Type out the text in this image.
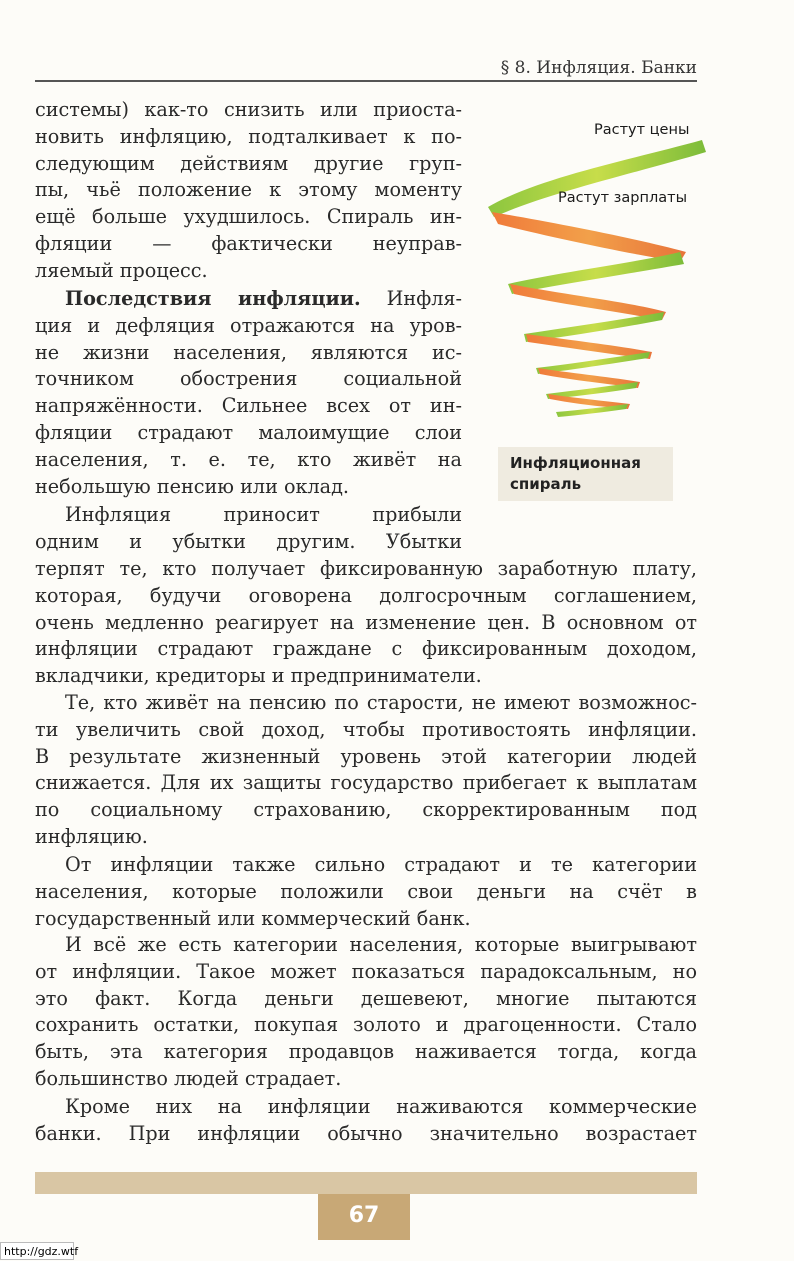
§ 8. Инфляция. Банки
системы) как-то снизить или приоста-
новить инфляцию, подталкивает к по-
следующим действиям другие груп-
пы, чьё положение к этому моменту
ещё больше ухудшилось. Спираль ин-
фляции — фактически неуправ-
ляемый процесс.
Последствия инфляции. Инфля-
ция и дефляция отражаются на уров-
не жизни населения, являются ис-
точником обострения социальной
напряжённости. Сильнее всех от ин-
фляции страдают малоимущие слои
населения, т. е. те, кто живёт на
небольшую пенсию или оклад.
Инфляция приносит прибыли
одним и убытки другим. Убытки
терпят те, кто получает фиксированную заработную плату,
которая, будучи оговорена долгосрочным соглашением,
очень медленно реагирует на изменение цен. В основном от
инфляции страдают граждане с фиксированным доходом,
вкладчики, кредиторы и предприниматели.
Те, кто живёт на пенсию по старости, не имеют возможнос-
ти увеличить свой доход, чтобы противостоять инфляции.
В результате жизненный уровень этой категории людей
снижается. Для их защиты государство прибегает к выплатам
по социальному страхованию, скорректированным под
инфляцию.
От инфляции также сильно страдают и те категории
населения, которые положили свои деньги на счёт в
государственный или коммерческий банк.
И всё же есть категории населения, которые выигрывают
от инфляции. Такое может показаться парадоксальным, но
это факт. Когда деньги дешевеют, многие пытаются
сохранить остатки, покупая золото и драгоценности. Стало
быть, эта категория продавцов наживается тогда, когда
большинство людей страдает.
Кроме них на инфляции наживаются коммерческие
банки. При инфляции обычно значительно возрастает
Растут цены
Растут зарплаты
Инфляционная
спираль
67
http://gdz.wtf
